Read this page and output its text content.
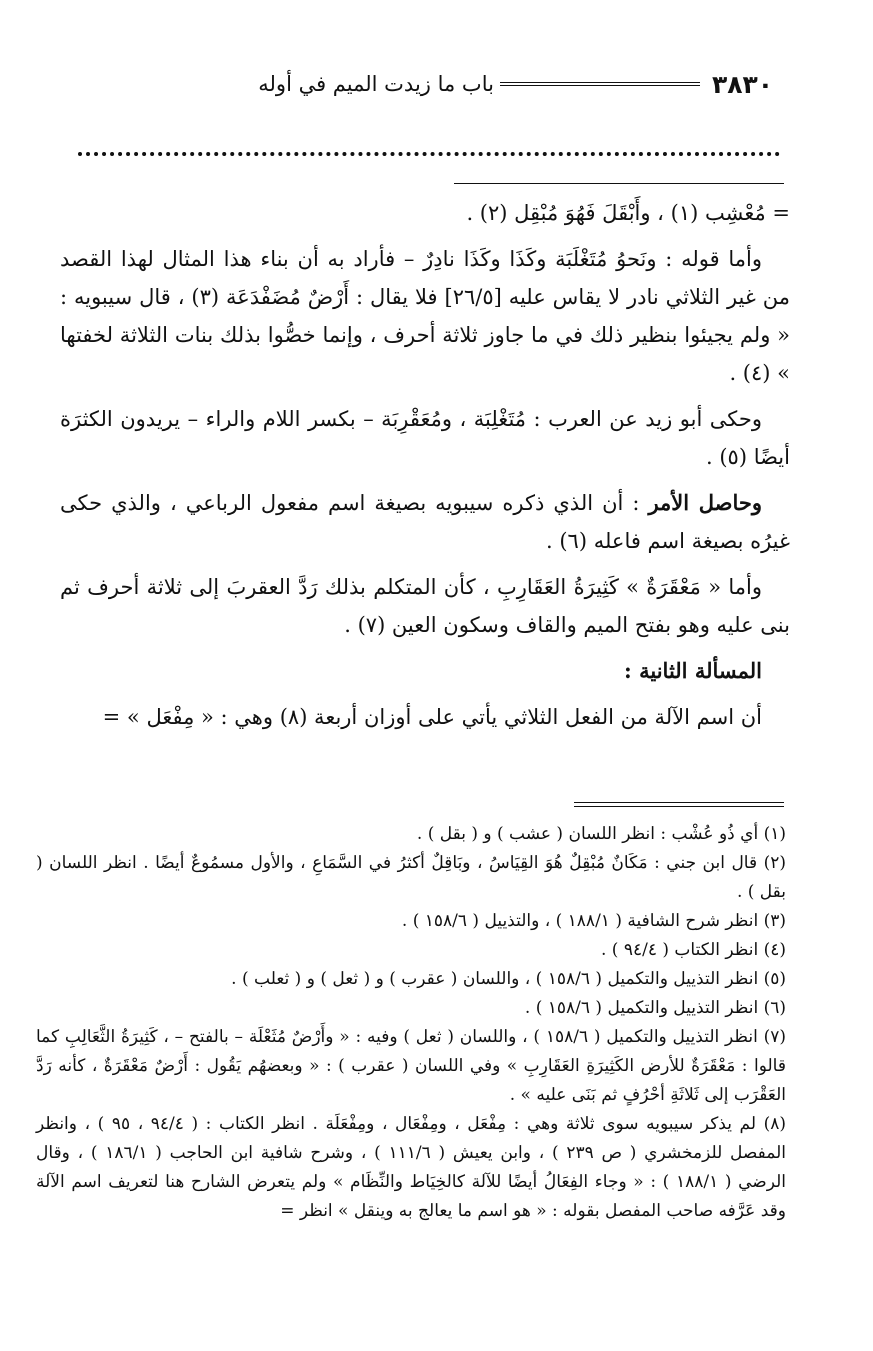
٣٨٣٠
باب ما زيدت الميم في أوله

= مُعْشِب (١) ، وأَبْقَلَ فَهُوَ مُبْقِل (٢) .

وأما قوله : ونَحوُ مُتَغْلَبَة وكَذَا وكَذَا نادِرٌ – فأراد به أن بناء هذا المثال لهذا القصد من غير الثلاثي نادر لا يقاس عليه [٢٦/٥] فلا يقال : أَرْضٌ مُضَفْدَعَة (٣) ، قال سيبويه : « ولم يجيئوا بنظير ذلك في ما جاوز ثلاثة أحرف ، وإنما خصُّوا بذلك بنات الثلاثة لخفتها » (٤) .

وحكى أبو زيد عن العرب : مُتَغْلِبَة ، ومُعَقْرِبَة – بكسر اللام والراء – يريدون الكثرَة أيضًا (٥) .

وحاصل الأمر : أن الذي ذكره سيبويه بصيغة اسم مفعول الرباعي ، والذي حكى غيرُه بصيغة اسم فاعله (٦) .

وأما « مَعْقَرَةٌ » كَثِيرَةُ العَقَارِبِ ، كأن المتكلم بذلك رَدَّ العقربَ إلى ثلاثة أحرف ثم بنى عليه وهو بفتح الميم والقاف وسكون العين (٧) .

المسألة الثانية :

أن اسم الآلة من الفعل الثلاثي يأتي على أوزان أربعة (٨) وهي : « مِفْعَل » =

(١) أي ذُو عُشْب : انظر اللسان ( عشب ) و ( بقل ) .

(٢) قال ابن جني : مَكَانٌ مُبْقِلٌ هُوَ القِيَاسُ ، وبَاقِلٌ أكثرُ في السَّمَاعِ ، والأول مسمُوعٌ أيضًا . انظر اللسان ( بقل ) .

(٣) انظر شرح الشافية ( ١٨٨/١ ) ، والتذييل ( ١٥٨/٦ ) .

(٤) انظر الكتاب ( ٩٤/٤ ) .

(٥) انظر التذييل والتكميل ( ١٥٨/٦ ) ، واللسان ( عقرب ) و ( ثعل ) و ( ثعلب ) .

(٦) انظر التذييل والتكميل ( ١٥٨/٦ ) .

(٧) انظر التذييل والتكميل ( ١٥٨/٦ ) ، واللسان ( ثعل ) وفيه : « وأَرْضٌ مُثَعْلَة – بالفتح – ، كَثِيرَةُ الثَّعَالِبِ كما قالوا : مَعْقَرَةٌ للأرض الكَثِيرَةِ العَقَارِبِ » وفي اللسان ( عقرب ) : « وبعضهُم يَقُول : أَرْضٌ مَعْقَرَةٌ ، كأنه رَدَّ العَقْرَب إلى ثَلاثَةِ أحْرُفٍ ثم بَنَى عليه » .

(٨) لم يذكر سيبويه سوى ثلاثة وهي : مِفْعَل ، ومِفْعَال ، ومِفْعَلَة . انظر الكتاب : ( ٩٤/٤ ، ٩٥ ) ، وانظر المفصل للزمخشري ( ص ٢٣٩ ) ، وابن يعيش ( ١١١/٦ ) ، وشرح شافية ابن الحاجب ( ١٨٦/١ ) ، وقال الرضي ( ١٨٨/١ ) : « وجاء الفِعَالُ أيضًا للآلة كالخِيَاط والنِّظَام » ولم يتعرض الشارح هنا لتعريف اسم الآلة وقد عَرَّفه صاحب المفصل بقوله : « هو اسم ما يعالج به وينقل » انظر =
